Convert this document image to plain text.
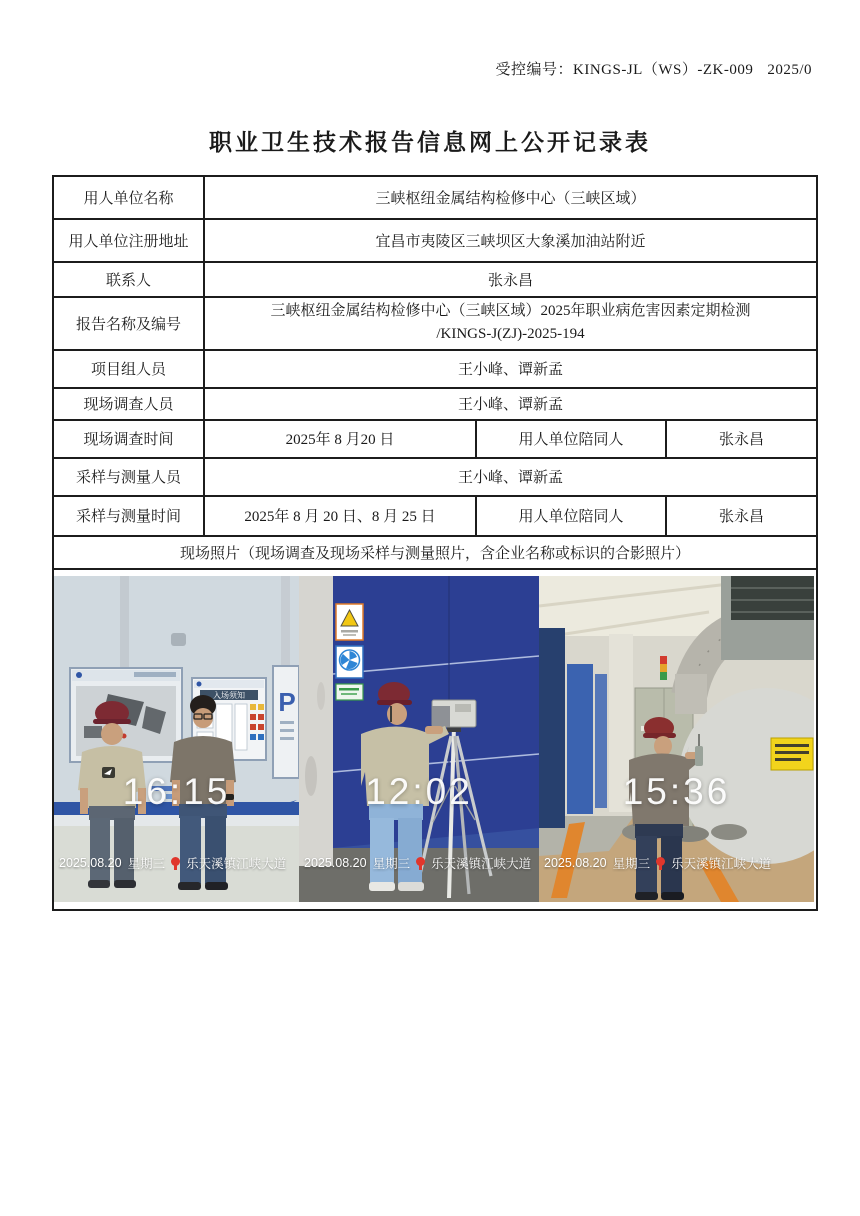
受控编号：KINGS-JL（WS）-ZK-009 2025/0
职业卫生技术报告信息网上公开记录表
用人单位名称	三峡枢纽金属结构检修中心（三峡区域）		
用人单位注册地址	宜昌市夷陵区三峡坝区大象溪加油站附近		
联系人	张永昌		
报告名称及编号	三峡枢纽金属结构检修中心（三峡区域）2025年职业病危害因素定期检测
/KINGS-J(ZJ)-2025-194		

项目组人员	王小峰、谭新孟		
现场调查人员	王小峰、谭新孟		
现场调查时间	2025年 8 月20 日	用人单位陪同人	张永昌
采样与测量人员	王小峰、谭新孟		
采样与测量时间	2025年 8 月 20 日、8 月 25 日	用人单位陪同人	张永昌
现场照片（现场调查及现场采样与测量照片，含企业名称或标识的合影照片）			

入场须知 P
16:15
2025.08.20 星期三 乐天溪镇江峡大道
12:02
2025.08.20 星期三 乐天溪镇江峡大道
15:36
2025.08.20 星期三 乐天溪镇江峡大道
